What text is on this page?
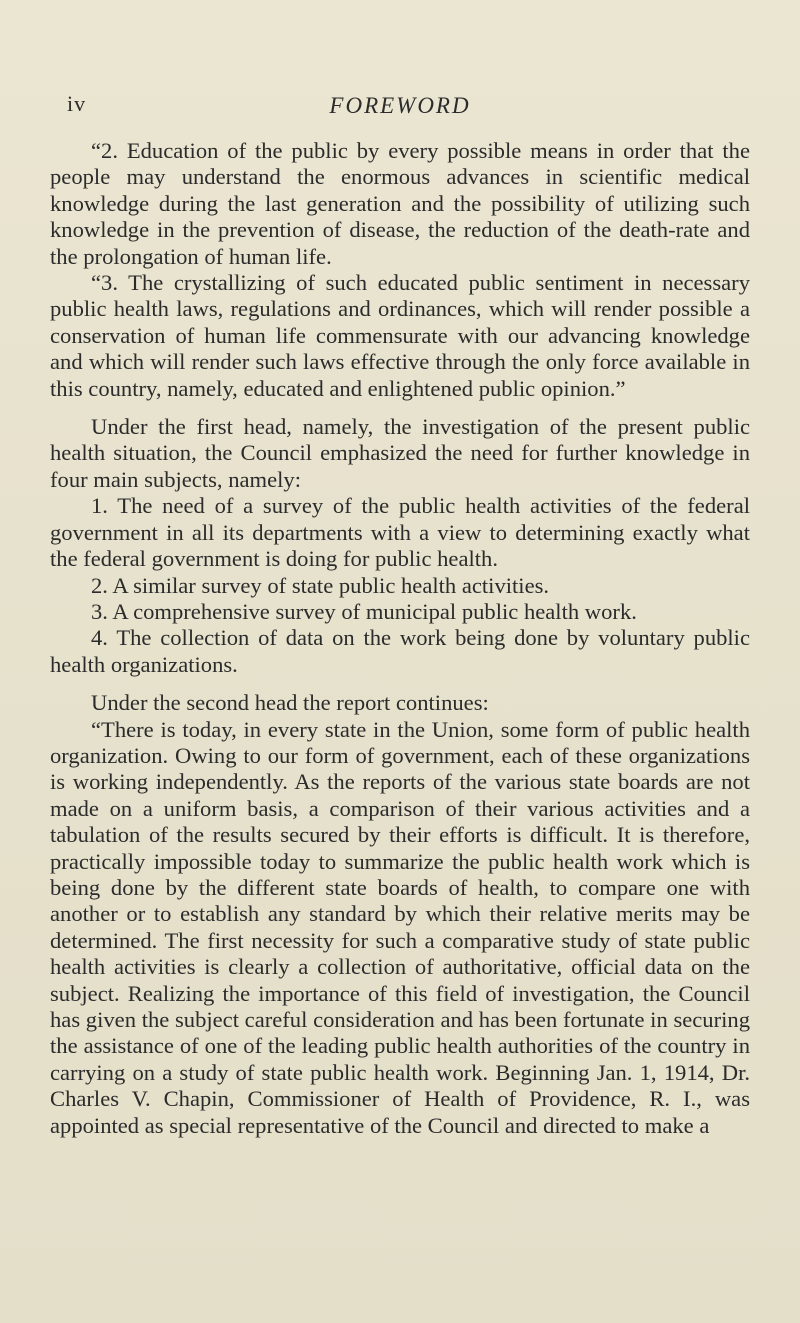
iv	FOREWORD

“2. Education of the public by every possible means in order that the people may understand the enormous advances in scientific medical knowledge during the last generation and the possibility of utilizing such knowledge in the prevention of disease, the reduction of the death-rate and the prolongation of human life.

“3. The crystallizing of such educated public sentiment in necessary public health laws, regulations and ordinances, which will render possible a conservation of human life commensurate with our advancing knowledge and which will render such laws effective through the only force available in this country, namely, educated and enlightened public opinion.”

Under the first head, namely, the investigation of the present public health situation, the Council emphasized the need for further knowledge in four main subjects, namely:

1. The need of a survey of the public health activities of the federal government in all its departments with a view to determining exactly what the federal government is doing for public health.

2. A similar survey of state public health activities.

3. A comprehensive survey of municipal public health work.

4. The collection of data on the work being done by voluntary public health organizations.

Under the second head the report continues:

“There is today, in every state in the Union, some form of public health organization. Owing to our form of government, each of these organizations is working independently. As the reports of the various state boards are not made on a uniform basis, a comparison of their various activities and a tabulation of the results secured by their efforts is difficult. It is therefore, practically impossible today to summarize the public health work which is being done by the different state boards of health, to compare one with another or to establish any standard by which their relative merits may be determined. The first necessity for such a comparative study of state public health activities is clearly a collection of authoritative, official data on the subject. Realizing the importance of this field of investigation, the Council has given the subject careful consideration and has been fortunate in securing the assistance of one of the leading public health authorities of the country in carrying on a study of state public health work. Beginning Jan. 1, 1914, Dr. Charles V. Chapin, Commissioner of Health of Providence, R. I., was appointed as special representative of the Council and directed to make a
